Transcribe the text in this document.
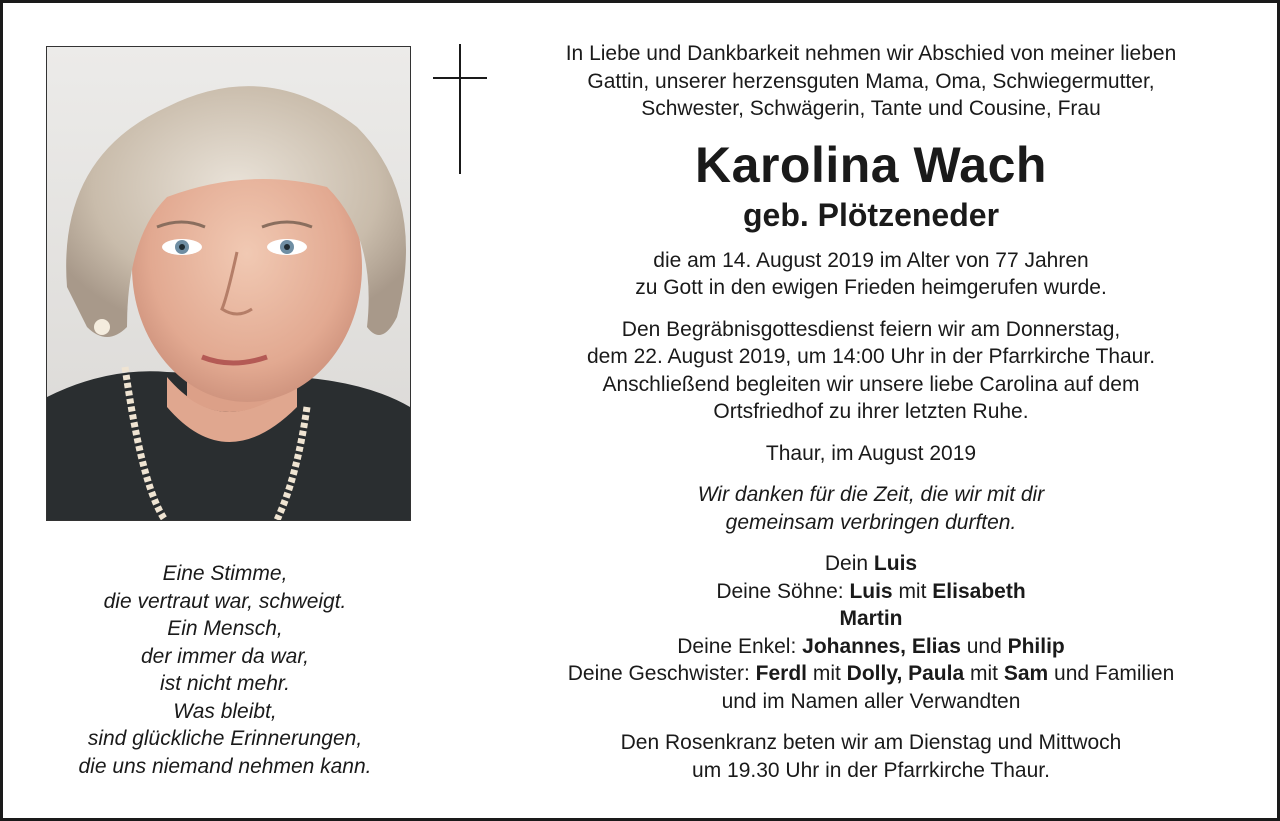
Eine Stimme,
die vertraut war, schweigt.
Ein Mensch,
der immer da war,
ist nicht mehr.
Was bleibt,
sind glückliche Erinnerungen,
die uns niemand nehmen kann.
In Liebe und Dankbarkeit nehmen wir Abschied von meiner lieben
Gattin, unserer herzensguten Mama, Oma, Schwiegermutter,
Schwester, Schwägerin, Tante und Cousine, Frau
Karolina Wach
geb. Plötzeneder
die am 14. August 2019 im Alter von 77 Jahren
zu Gott in den ewigen Frieden heimgerufen wurde.
Den Begräbnisgottesdienst feiern wir am Donnerstag,
dem 22. August 2019, um 14:00 Uhr in der Pfarrkirche Thaur.
Anschließend begleiten wir unsere liebe Carolina auf dem
Ortsfriedhof zu ihrer letzten Ruhe.
Thaur, im August 2019
Wir danken für die Zeit, die wir mit dir
gemeinsam verbringen durften.
Dein Luis
Deine Söhne: Luis mit Elisabeth
Martin
Deine Enkel: Johannes, Elias und Philip
Deine Geschwister: Ferdl mit Dolly, Paula mit Sam und Familien
und im Namen aller Verwandten
Den Rosenkranz beten wir am Dienstag und Mittwoch
um 19.30 Uhr in der Pfarrkirche Thaur.
